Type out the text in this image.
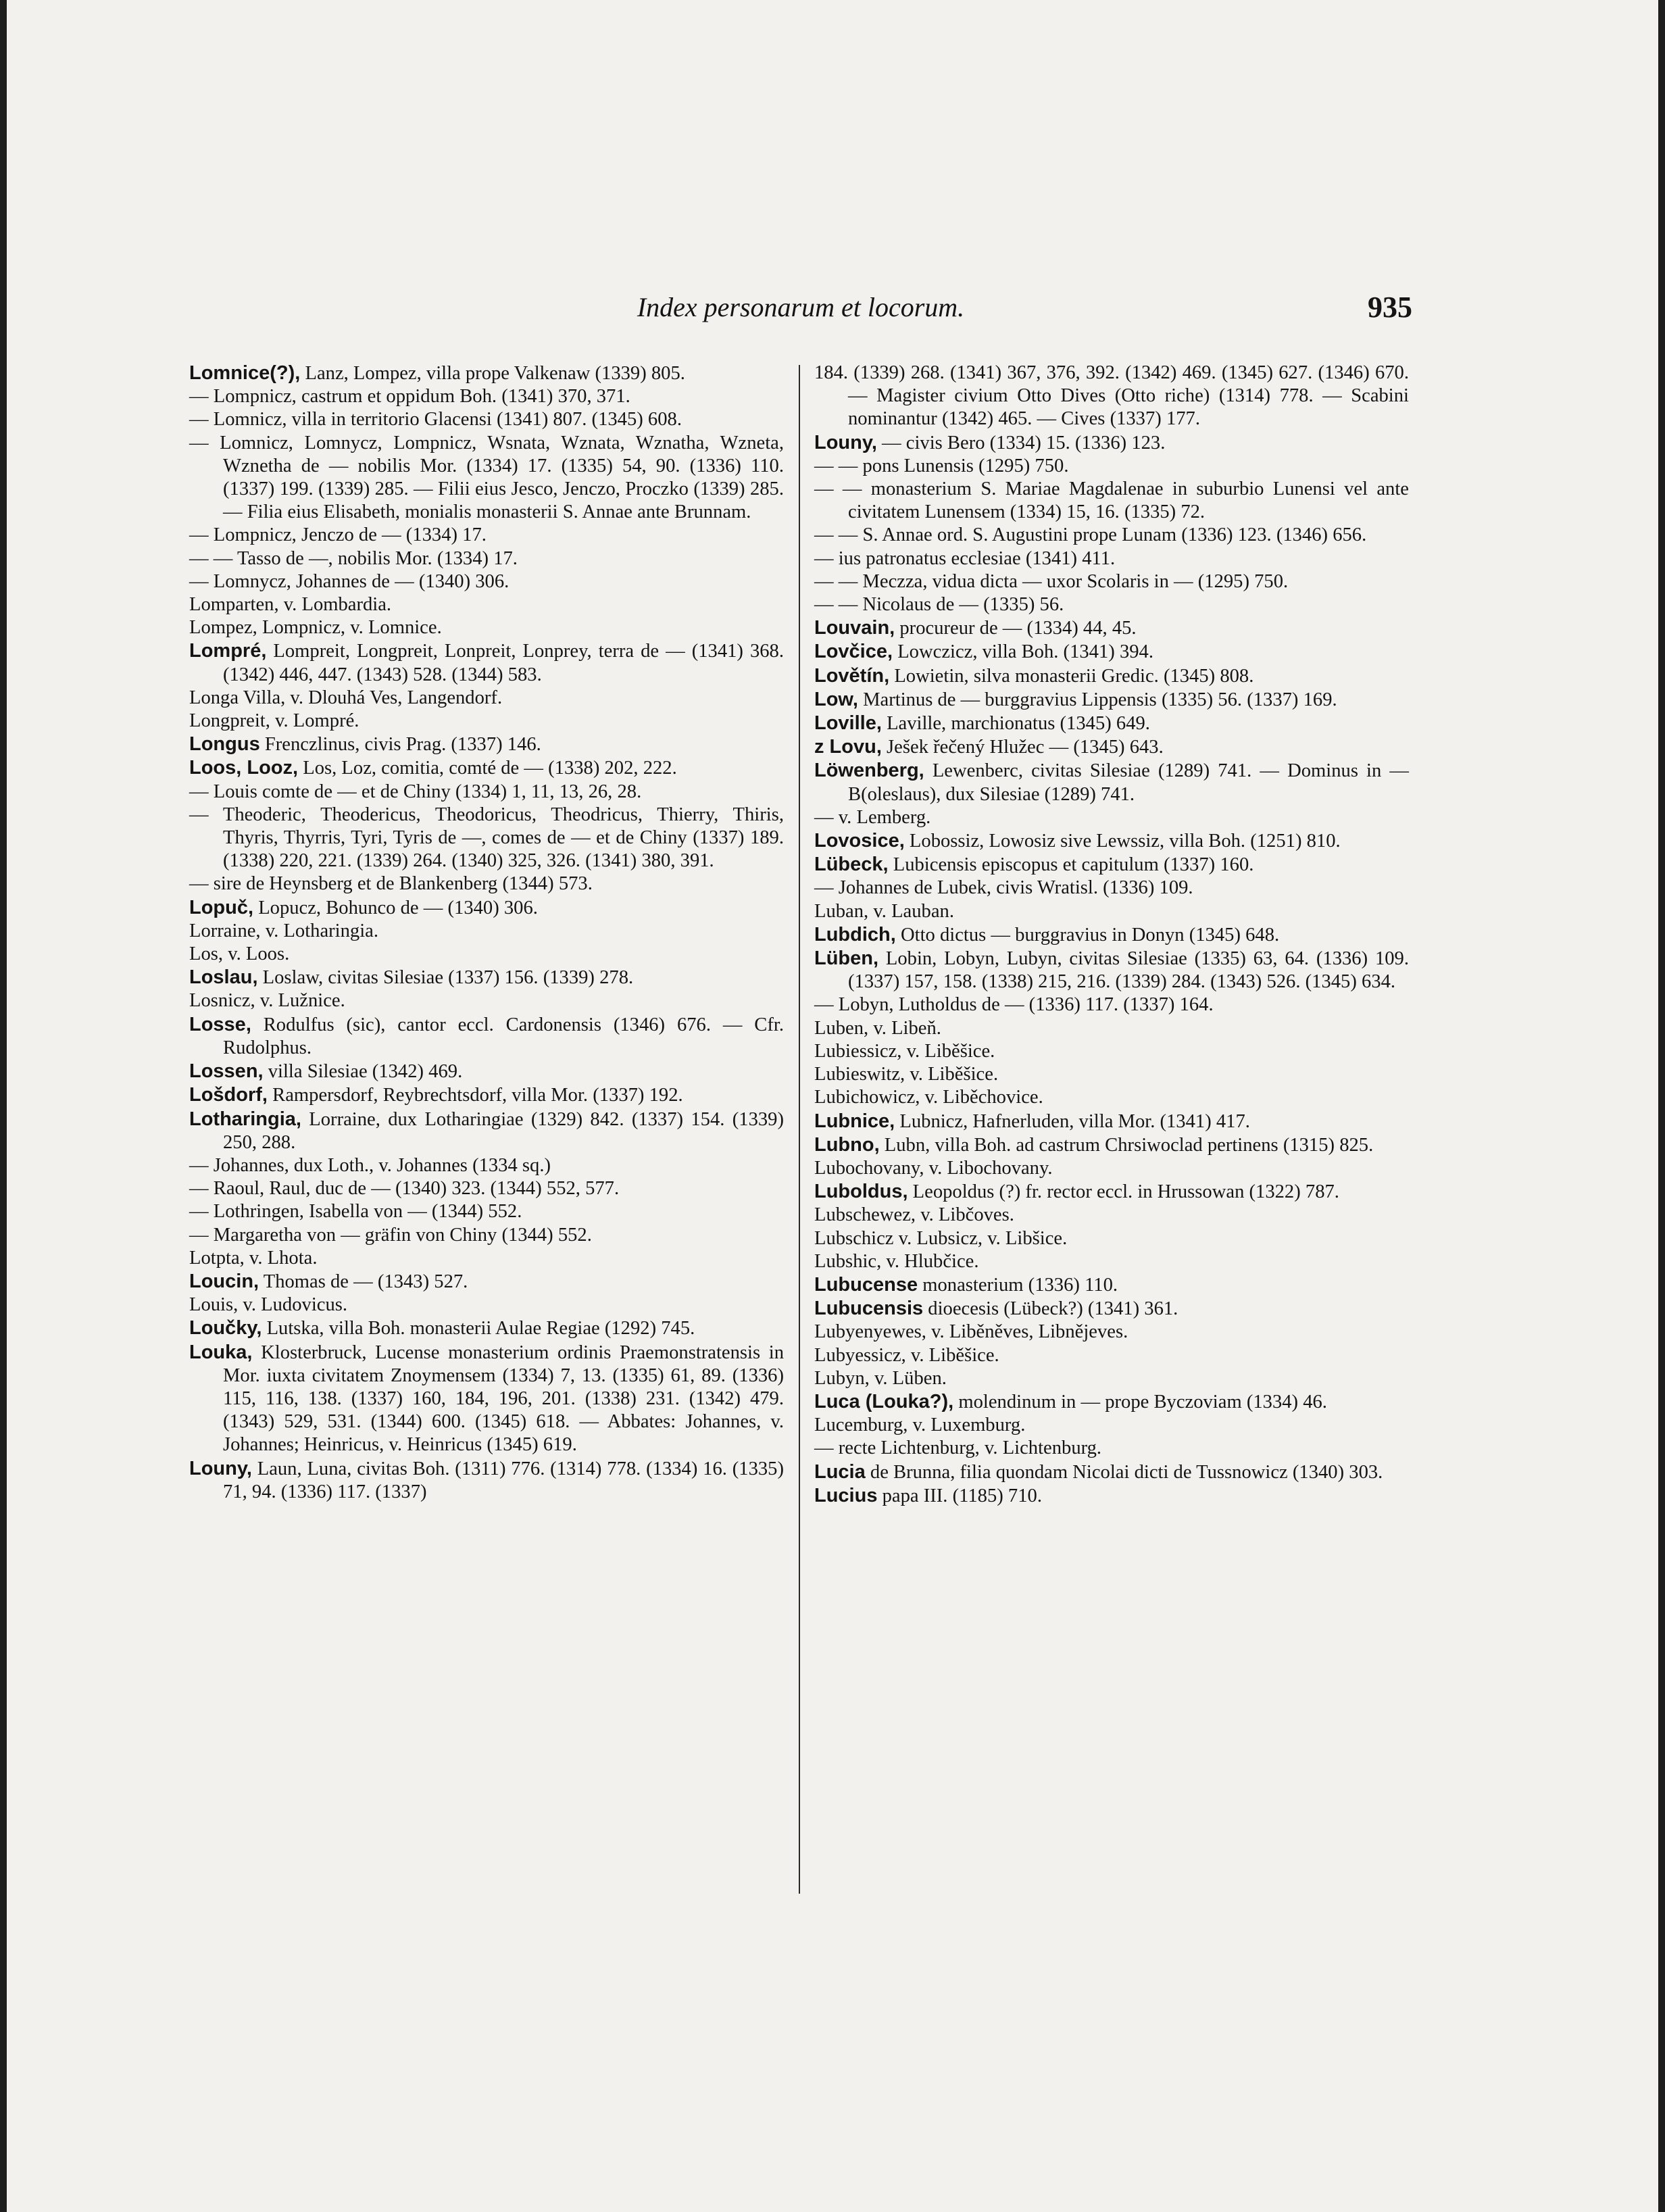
Index personarum et locorum.	935

Lomnice(?), Lanz, Lompez, villa prope Valkenaw (1339) 805.

— Lompnicz, castrum et oppidum Boh. (1341) 370, 371.

— Lomnicz, villa in territorio Glacensi (1341) 807. (1345) 608.

— Lomnicz, Lomnycz, Lompnicz, Wsnata, Wznata, Wznatha, Wzneta, Wznetha de — nobilis Mor. (1334) 17. (1335) 54, 90. (1336) 110. (1337) 199. (1339) 285. — Filii eius Jesco, Jenczo, Proczko (1339) 285. — Filia eius Elisabeth, monialis monasterii S. Annae ante Brunnam.

— Lompnicz, Jenczo de — (1334) 17.

— — Tasso de —, nobilis Mor. (1334) 17.

— Lomnycz, Johannes de — (1340) 306.

Lomparten, v. Lombardia.

Lompez, Lompnicz, v. Lomnice.

Lompré, Lompreit, Longpreit, Lonpreit, Lonprey, terra de — (1341) 368. (1342) 446, 447. (1343) 528. (1344) 583.

Longa Villa, v. Dlouhá Ves, Langendorf.

Longpreit, v. Lompré.

Longus Frenczlinus, civis Prag. (1337) 146.

Loos, Looz, Los, Loz, comitia, comté de — (1338) 202, 222.

— Louis comte de — et de Chiny (1334) 1, 11, 13, 26, 28.

— Theoderic, Theodericus, Theodoricus, Theodricus, Thierry, Thiris, Thyris, Thyrris, Tyri, Tyris de —, comes de — et de Chiny (1337) 189. (1338) 220, 221. (1339) 264. (1340) 325, 326. (1341) 380, 391.

— sire de Heynsberg et de Blankenberg (1344) 573.

Lopuč, Lopucz, Bohunco de — (1340) 306.

Lorraine, v. Lotharingia.

Los, v. Loos.

Loslau, Loslaw, civitas Silesiae (1337) 156. (1339) 278.

Losnicz, v. Lužnice.

Losse, Rodulfus (sic), cantor eccl. Cardonensis (1346) 676. — Cfr. Rudolphus.

Lossen, villa Silesiae (1342) 469.

Lošdorf, Rampersdorf, Reybrechtsdorf, villa Mor. (1337) 192.

Lotharingia, Lorraine, dux Lotharingiae (1329) 842. (1337) 154. (1339) 250, 288.

— Johannes, dux Loth., v. Johannes (1334 sq.)

— Raoul, Raul, duc de — (1340) 323. (1344) 552, 577.

— Lothringen, Isabella von — (1344) 552.

— Margaretha von — gräfin von Chiny (1344) 552.

Lotpta, v. Lhota.

Loucin, Thomas de — (1343) 527.

Louis, v. Ludovicus.

Loučky, Lutska, villa Boh. monasterii Aulae Regiae (1292) 745.

Louka, Klosterbruck, Lucense monasterium ordinis Praemonstratensis in Mor. iuxta civitatem Znoymensem (1334) 7, 13. (1335) 61, 89. (1336) 115, 116, 138. (1337) 160, 184, 196, 201. (1338) 231. (1342) 479. (1343) 529, 531. (1344) 600. (1345) 618. — Abbates: Johannes, v. Johannes; Heinricus, v. Heinricus (1345) 619.

Louny, Laun, Luna, civitas Boh. (1311) 776. (1314) 778. (1334) 16. (1335) 71, 94. (1336) 117. (1337)

184. (1339) 268. (1341) 367, 376, 392. (1342) 469. (1345) 627. (1346) 670. — Magister civium Otto Dives (Otto riche) (1314) 778. — Scabini nominantur (1342) 465. — Cives (1337) 177.

Louny, — civis Bero (1334) 15. (1336) 123.

— — pons Lunensis (1295) 750.

— — monasterium S. Mariae Magdalenae in suburbio Lunensi vel ante civitatem Lunensem (1334) 15, 16. (1335) 72.

— — S. Annae ord. S. Augustini prope Lunam (1336) 123. (1346) 656.

— ius patronatus ecclesiae (1341) 411.

— — Meczza, vidua dicta — uxor Scolaris in — (1295) 750.

— — Nicolaus de — (1335) 56.

Louvain, procureur de — (1334) 44, 45.

Lovčice, Lowczicz, villa Boh. (1341) 394.

Lovětín, Lowietin, silva monasterii Gredic. (1345) 808.

Low, Martinus de — burggravius Lippensis (1335) 56. (1337) 169.

Loville, Laville, marchionatus (1345) 649.

z Lovu, Ješek řečený Hlužec — (1345) 643.

Löwenberg, Lewenberc, civitas Silesiae (1289) 741. — Dominus in — B(oleslaus), dux Silesiae (1289) 741.

— v. Lemberg.

Lovosice, Lobossiz, Lowosiz sive Lewssiz, villa Boh. (1251) 810.

Lübeck, Lubicensis episcopus et capitulum (1337) 160.

— Johannes de Lubek, civis Wratisl. (1336) 109.

Luban, v. Lauban.

Lubdich, Otto dictus — burggravius in Donyn (1345) 648.

Lüben, Lobin, Lobyn, Lubyn, civitas Silesiae (1335) 63, 64. (1336) 109. (1337) 157, 158. (1338) 215, 216. (1339) 284. (1343) 526. (1345) 634.

— Lobyn, Lutholdus de — (1336) 117. (1337) 164.

Luben, v. Libeň.

Lubiessicz, v. Liběšice.

Lubieswitz, v. Liběšice.

Lubichowicz, v. Liběchovice.

Lubnice, Lubnicz, Hafnerluden, villa Mor. (1341) 417.

Lubno, Lubn, villa Boh. ad castrum Chrsiwoclad pertinens (1315) 825.

Lubochovany, v. Libochovany.

Luboldus, Leopoldus (?) fr. rector eccl. in Hrussowan (1322) 787.

Lubschewez, v. Libčoves.

Lubschicz v. Lubsicz, v. Libšice.

Lubshic, v. Hlubčice.

Lubucense monasterium (1336) 110.

Lubucensis dioecesis (Lübeck?) (1341) 361.

Lubyenyewes, v. Liběněves, Libnějeves.

Lubyessicz, v. Liběšice.

Lubyn, v. Lüben.

Luca (Louka?), molendinum in — prope Byczoviam (1334) 46.

Lucemburg, v. Luxemburg.

— recte Lichtenburg, v. Lichtenburg.

Lucia de Brunna, filia quondam Nicolai dicti de Tussnowicz (1340) 303.

Lucius papa III. (1185) 710.
